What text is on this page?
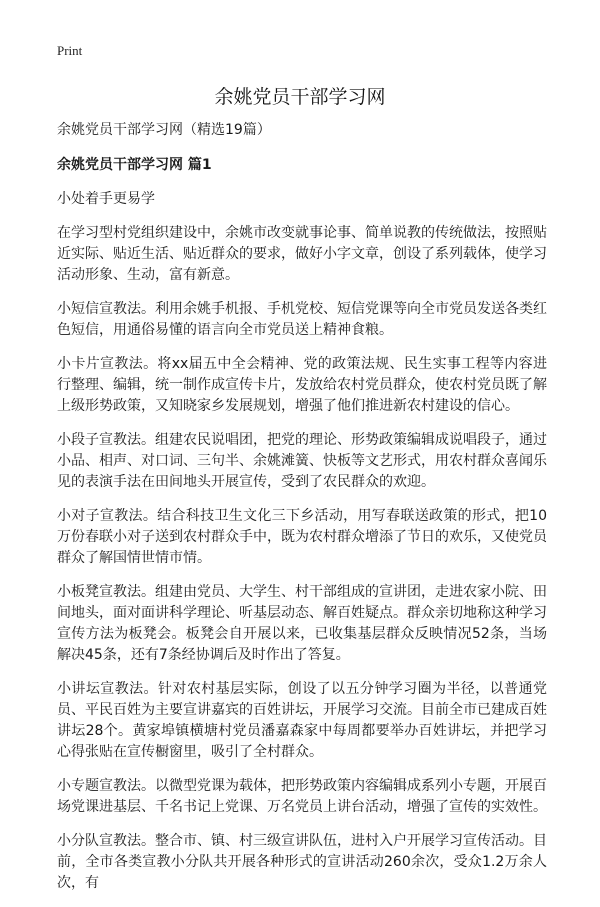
Print
余姚党员干部学习网

余姚党员干部学习网（精选19篇）

余姚党员干部学习网 篇1

小处着手更易学

在学习型村党组织建设中，余姚市改变就事论事、简单说教的传统做法，按照贴近实际、贴近生活、贴近群众的要求，做好小字文章，创设了系列载体，使学习活动形象、生动，富有新意。

小短信宣教法。利用余姚手机报、手机党校、短信党课等向全市党员发送各类红色短信，用通俗易懂的语言向全市党员送上精神食粮。

小卡片宣教法。将xx届五中全会精神、党的政策法规、民生实事工程等内容进行整理、编辑，统一制作成宣传卡片，发放给农村党员群众，使农村党员既了解上级形势政策，又知晓家乡发展规划，增强了他们推进新农村建设的信心。

小段子宣教法。组建农民说唱团，把党的理论、形势政策编辑成说唱段子，通过小品、相声、对口词、三句半、余姚滩簧、快板等文艺形式，用农村群众喜闻乐见的表演手法在田间地头开展宣传，受到了农民群众的欢迎。

小对子宣教法。结合科技卫生文化三下乡活动，用写春联送政策的形式，把10万份春联小对子送到农村群众手中，既为农村群众增添了节日的欢乐，又使党员群众了解国情世情市情。

小板凳宣教法。组建由党员、大学生、村干部组成的宣讲团，走进农家小院、田间地头，面对面讲科学理论、听基层动态、解百姓疑点。群众亲切地称这种学习宣传方法为板凳会。板凳会自开展以来，已收集基层群众反映情况52条，当场解决45条，还有7条经协调后及时作出了答复。

小讲坛宣教法。针对农村基层实际，创设了以五分钟学习圈为半径，以普通党员、平民百姓为主要宣讲嘉宾的百姓讲坛，开展学习交流。目前全市已建成百姓讲坛28个。黄家埠镇横塘村党员潘嘉森家中每周都要举办百姓讲坛，并把学习心得张贴在宣传橱窗里，吸引了全村群众。

小专题宣教法。以微型党课为载体，把形势政策内容编辑成系列小专题，开展百场党课进基层、千名书记上党课、万名党员上讲台活动，增强了宣传的实效性。

小分队宣教法。整合市、镇、村三级宣讲队伍，进村入户开展学习宣传活动。目前，全市各类宣教小分队共开展各种形式的宣讲活动260余次，受众1.2万余人次，有
